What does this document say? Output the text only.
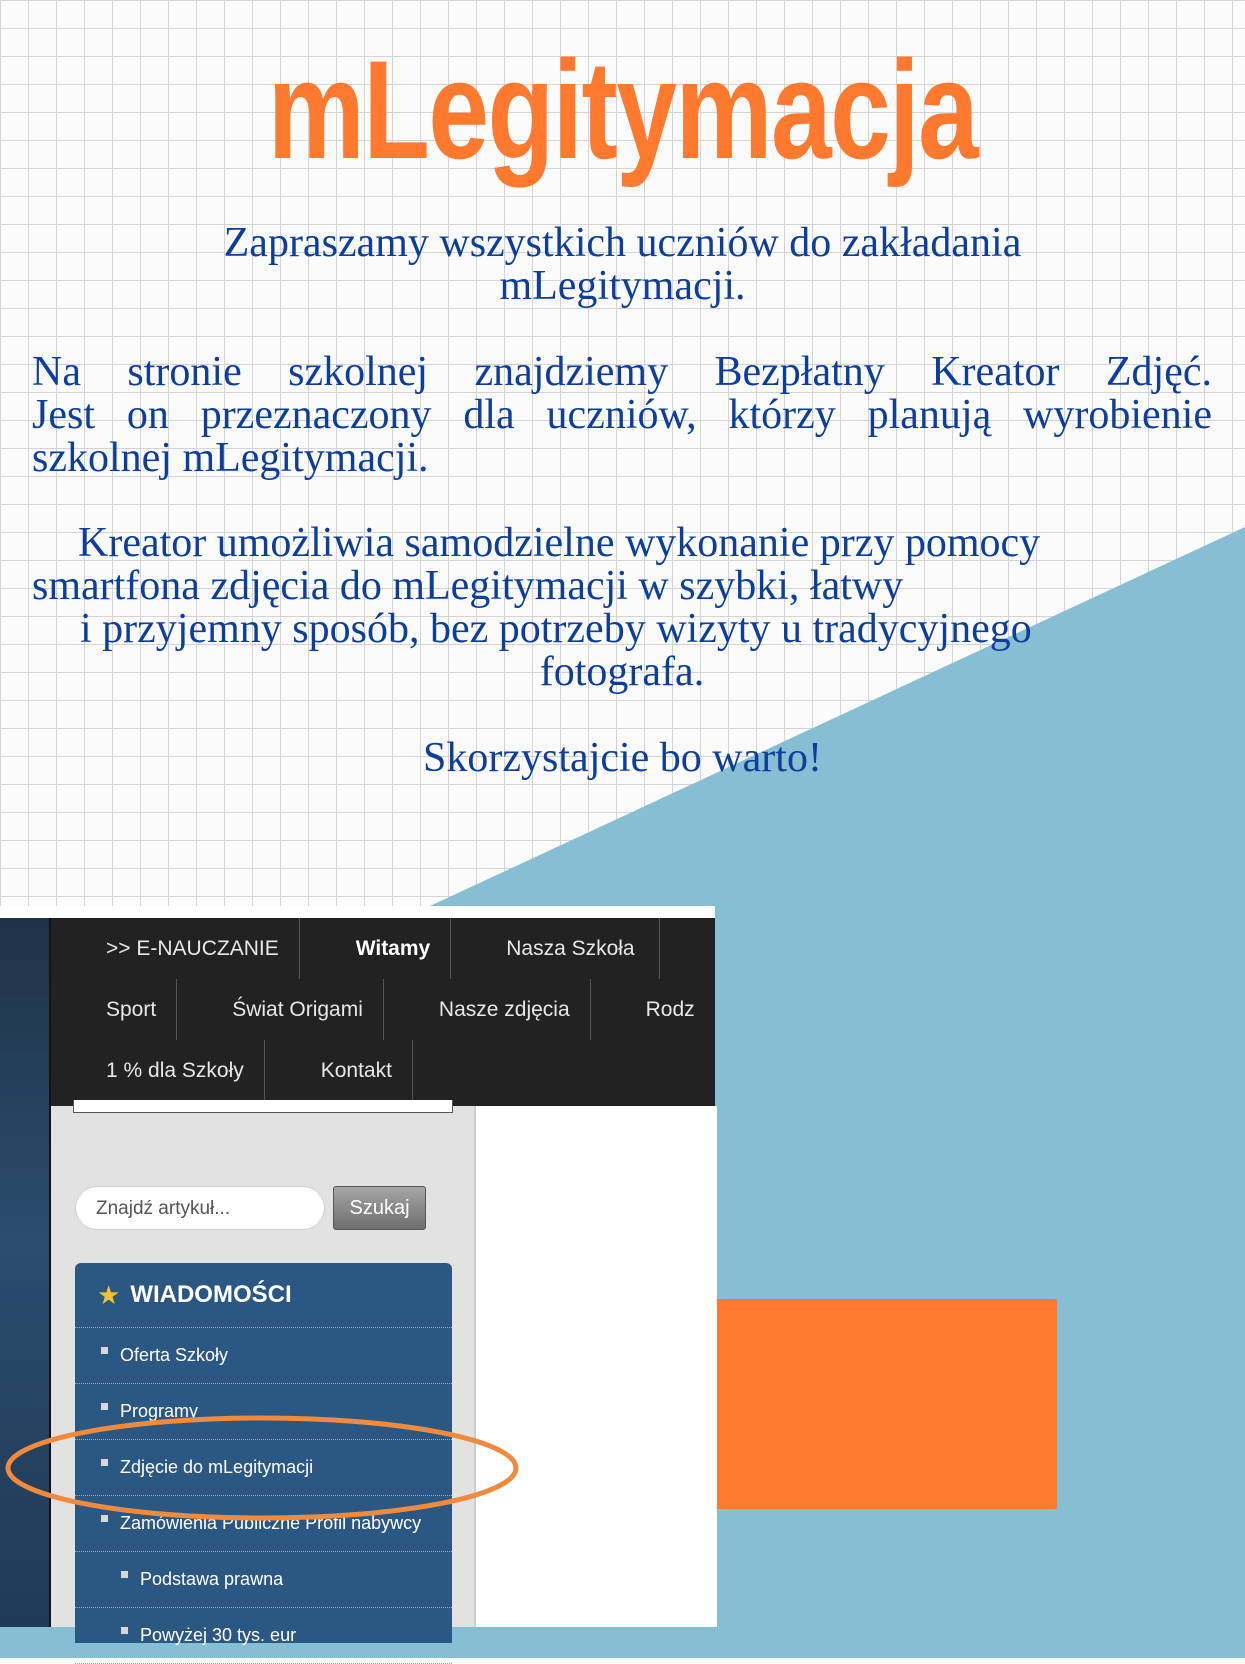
mLegitymacja
Zapraszamy wszystkich uczniów do zakładania
mLegitymacji.
Na stronie szkolnej znajdziemy Bezpłatny Kreator Zdjęć.
Jest on przeznaczony dla uczniów, którzy planują wyrobienie
szkolnej mLegitymacji.
Kreator umożliwia samodzielne wykonanie przy pomocy
smartfona zdjęcia do mLegitymacji w szybki, łatwy
i przyjemny sposób, bez potrzeby wizyty u tradycyjnego
fotografa.
Skorzystajcie bo warto!
>> E-NAUCZANIE	Witamy	Nasza Szkoła
Sport	Świat Origami	Nasze zdjęcia	Rodz
1 % dla Szkoły	Kontakt
Znajdź artykuł...	Szukaj
★ WIADOMOŚCI
Oferta Szkoły
Programy
Zdjęcie do mLegitymacji
Zamówienia Publiczne Profil nabywcy
Podstawa prawna
Powyżej 30 tys. eur
